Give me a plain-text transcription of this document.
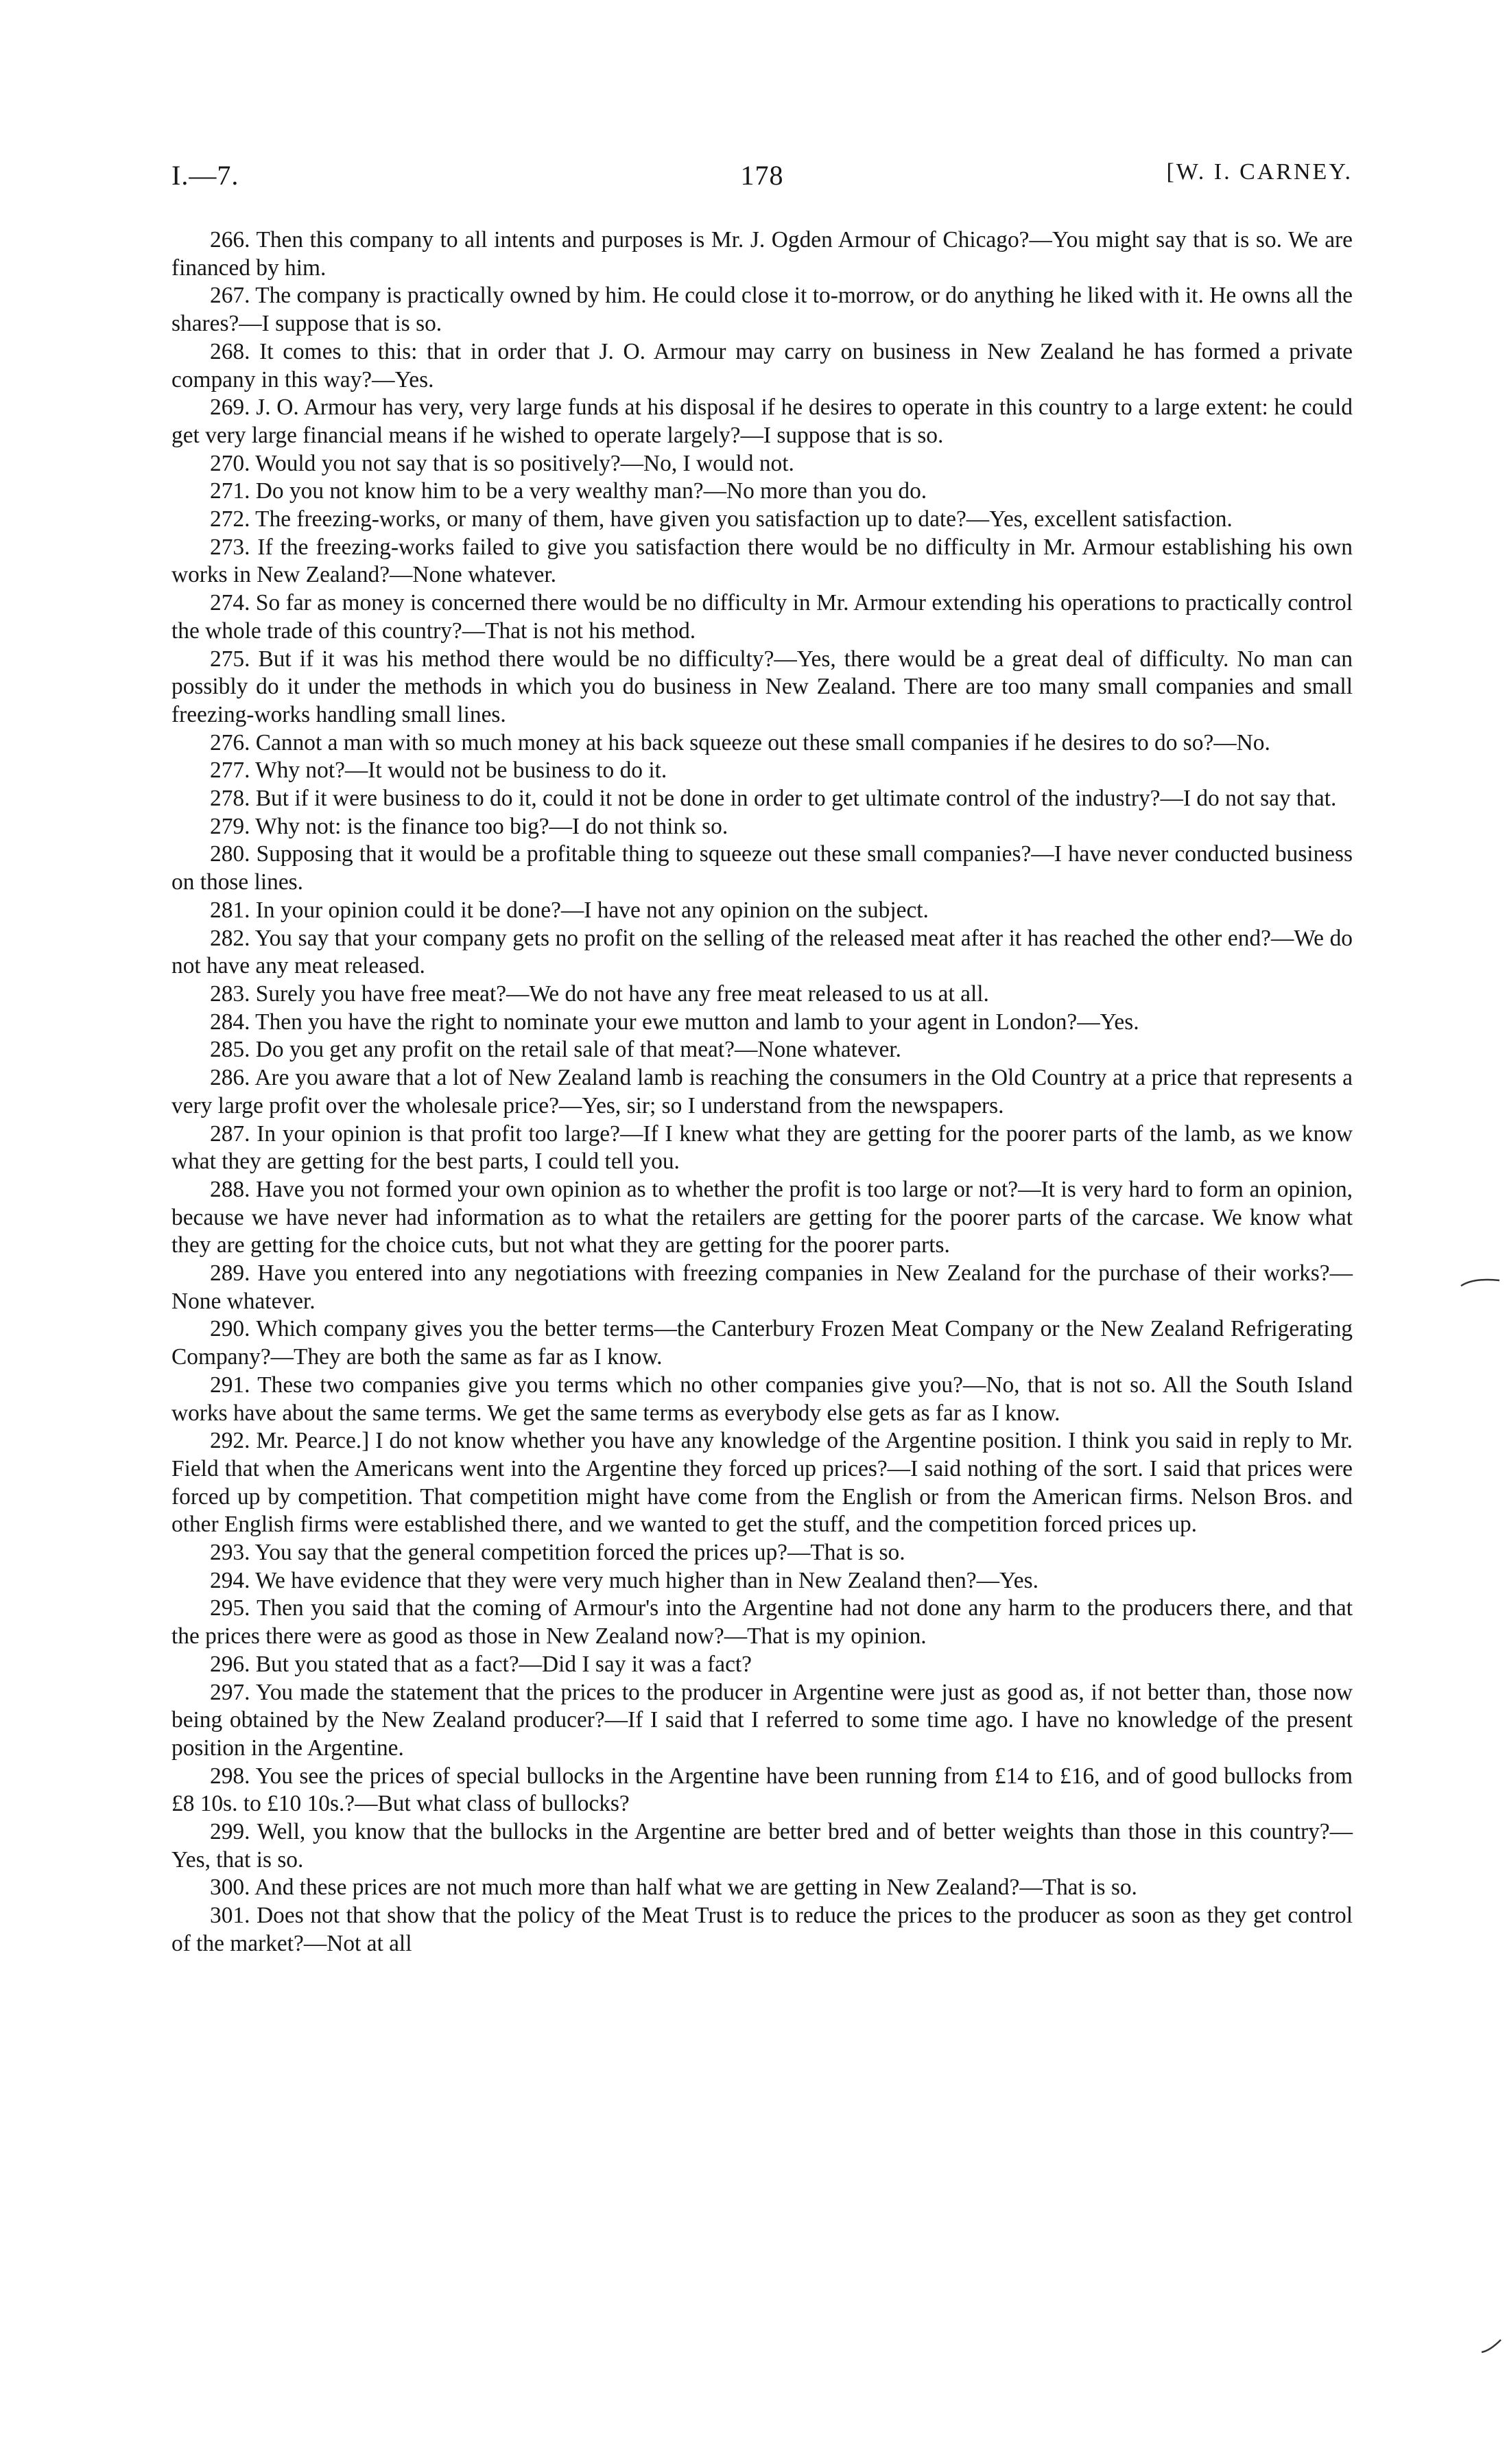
I.—7.	178	[W. I. CARNEY.

266. Then this company to all intents and purposes is Mr. J. Ogden Armour of Chicago?—You might say that is so. We are financed by him.

267. The company is practically owned by him. He could close it to-morrow, or do anything he liked with it. He owns all the shares?—I suppose that is so.

268. It comes to this: that in order that J. O. Armour may carry on business in New Zealand he has formed a private company in this way?—Yes.

269. J. O. Armour has very, very large funds at his disposal if he desires to operate in this country to a large extent: he could get very large financial means if he wished to operate largely?—I suppose that is so.

270. Would you not say that is so positively?—No, I would not.

271. Do you not know him to be a very wealthy man?—No more than you do.

272. The freezing-works, or many of them, have given you satisfaction up to date?—Yes, excellent satisfaction.

273. If the freezing-works failed to give you satisfaction there would be no difficulty in Mr. Armour establishing his own works in New Zealand?—None whatever.

274. So far as money is concerned there would be no difficulty in Mr. Armour extending his operations to practically control the whole trade of this country?—That is not his method.

275. But if it was his method there would be no difficulty?—Yes, there would be a great deal of difficulty. No man can possibly do it under the methods in which you do business in New Zealand. There are too many small companies and small freezing-works handling small lines.

276. Cannot a man with so much money at his back squeeze out these small companies if he desires to do so?—No.

277. Why not?—It would not be business to do it.

278. But if it were business to do it, could it not be done in order to get ultimate control of the industry?—I do not say that.

279. Why not: is the finance too big?—I do not think so.

280. Supposing that it would be a profitable thing to squeeze out these small companies?—I have never conducted business on those lines.

281. In your opinion could it be done?—I have not any opinion on the subject.

282. You say that your company gets no profit on the selling of the released meat after it has reached the other end?—We do not have any meat released.

283. Surely you have free meat?—We do not have any free meat released to us at all.

284. Then you have the right to nominate your ewe mutton and lamb to your agent in London?—Yes.

285. Do you get any profit on the retail sale of that meat?—None whatever.

286. Are you aware that a lot of New Zealand lamb is reaching the consumers in the Old Country at a price that represents a very large profit over the wholesale price?—Yes, sir; so I understand from the newspapers.

287. In your opinion is that profit too large?—If I knew what they are getting for the poorer parts of the lamb, as we know what they are getting for the best parts, I could tell you.

288. Have you not formed your own opinion as to whether the profit is too large or not?—It is very hard to form an opinion, because we have never had information as to what the retailers are getting for the poorer parts of the carcase. We know what they are getting for the choice cuts, but not what they are getting for the poorer parts.

289. Have you entered into any negotiations with freezing companies in New Zealand for the purchase of their works?—None whatever.

290. Which company gives you the better terms—the Canterbury Frozen Meat Company or the New Zealand Refrigerating Company?—They are both the same as far as I know.

291. These two companies give you terms which no other companies give you?—No, that is not so. All the South Island works have about the same terms. We get the same terms as everybody else gets as far as I know.

292. Mr. Pearce.] I do not know whether you have any knowledge of the Argentine position. I think you said in reply to Mr. Field that when the Americans went into the Argentine they forced up prices?—I said nothing of the sort. I said that prices were forced up by competition. That competition might have come from the English or from the American firms. Nelson Bros. and other English firms were established there, and we wanted to get the stuff, and the competition forced prices up.

293. You say that the general competition forced the prices up?—That is so.

294. We have evidence that they were very much higher than in New Zealand then?—Yes.

295. Then you said that the coming of Armour's into the Argentine had not done any harm to the producers there, and that the prices there were as good as those in New Zealand now?—That is my opinion.

296. But you stated that as a fact?—Did I say it was a fact?

297. You made the statement that the prices to the producer in Argentine were just as good as, if not better than, those now being obtained by the New Zealand producer?—If I said that I referred to some time ago. I have no knowledge of the present position in the Argentine.

298. You see the prices of special bullocks in the Argentine have been running from £14 to £16, and of good bullocks from £8 10s. to £10 10s.?—But what class of bullocks?

299. Well, you know that the bullocks in the Argentine are better bred and of better weights than those in this country?—Yes, that is so.

300. And these prices are not much more than half what we are getting in New Zealand?—That is so.

301. Does not that show that the policy of the Meat Trust is to reduce the prices to the producer as soon as they get control of the market?—Not at all
